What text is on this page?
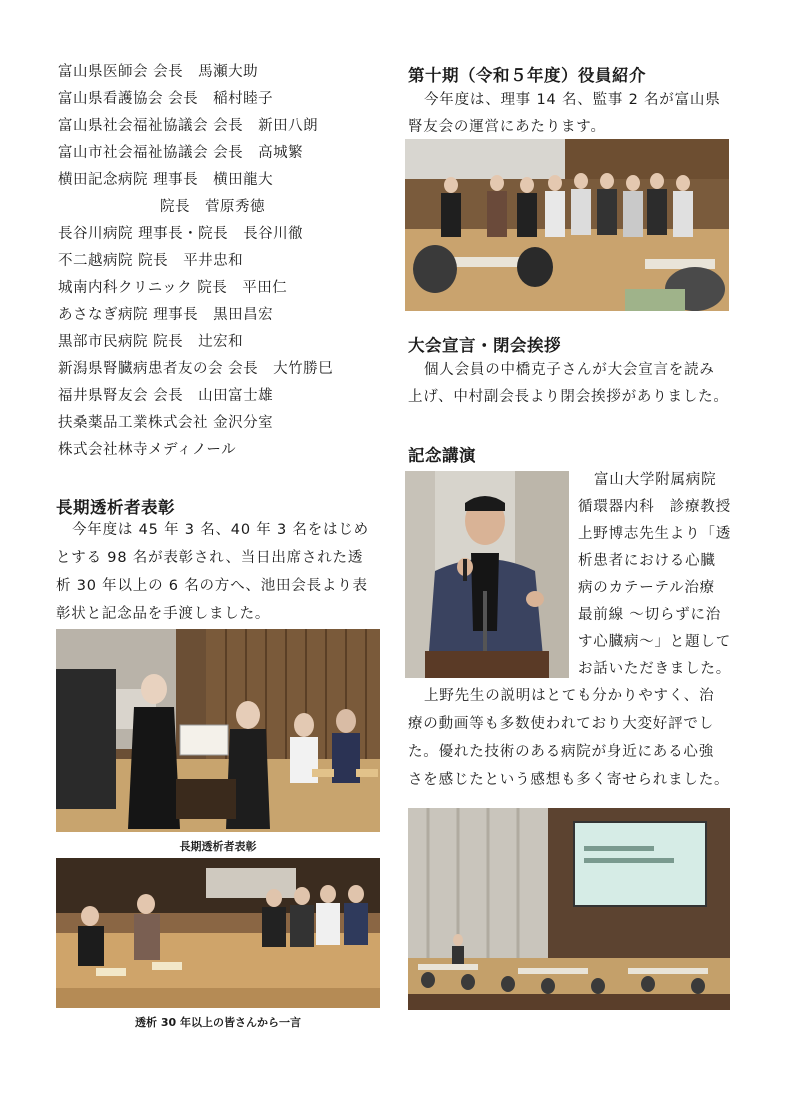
富山県医師会 会長　馬瀬大助
富山県看護協会 会長　稲村睦子
富山県社会福祉協議会 会長　新田八朗
富山市社会福祉協議会 会長　高城繁
横田記念病院 理事長　横田龍大
院長　菅原秀徳
長谷川病院 理事長・院長　長谷川徹
不二越病院 院長　平井忠和
城南内科クリニック 院長　平田仁
あさなぎ病院 理事長　黒田昌宏
黒部市民病院 院長　辻宏和
新潟県腎臓病患者友の会 会長　大竹勝巳
福井県腎友会 会長　山田富士雄
扶桑薬品工業株式会社 金沢分室
株式会社林寺メディノール
長期透析者表彰
今年度は 45 年 3 名、40 年 3 名をはじめ
とする 98 名が表彰され、当日出席された透
析 30 年以上の 6 名の方へ、池田会長より表
彰状と記念品を手渡しました。
長期透析者表彰
透析 30 年以上の皆さんから一言
第十期（令和５年度）役員紹介
今年度は、理事 14 名、監事 2 名が富山県
腎友会の運営にあたります。
大会宣言・閉会挨拶
個人会員の中橋克子さんが大会宣言を読み
上げ、中村副会長より閉会挨拶がありました。
記念講演
富山大学附属病院
循環器内科　診療教授
上野博志先生より「透
析患者における心臓
病のカテーテル治療
最前線 ～切らずに治
す心臓病～」と題して
お話いただきました。
上野先生の説明はとても分かりやすく、治
療の動画等も多数使われており大変好評でし
た。優れた技術のある病院が身近にある心強
さを感じたという感想も多く寄せられました。
